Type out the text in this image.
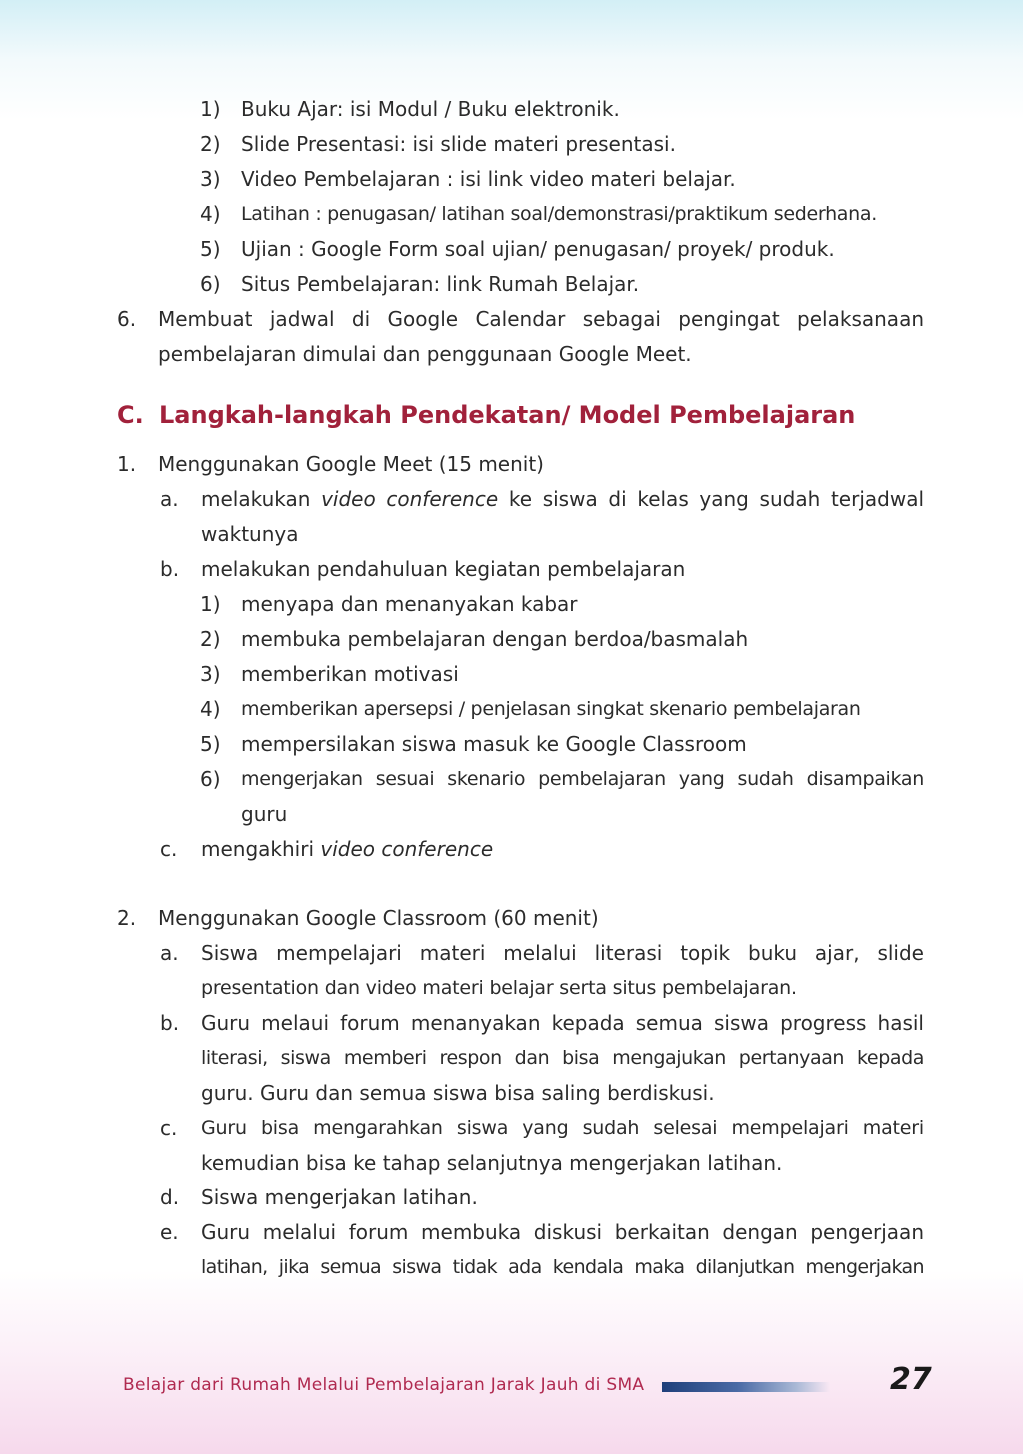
1) Buku Ajar: isi Modul / Buku elektronik.
2) Slide Presentasi: isi slide materi presentasi.
3) Video Pembelajaran : isi link video materi belajar.
4) Latihan : penugasan/ latihan soal/demonstrasi/praktikum sederhana.
5) Ujian : Google Form soal ujian/ penugasan/ proyek/ produk.
6) Situs Pembelajaran: link Rumah Belajar.
6. Membuat jadwal di Google Calendar sebagai pengingat pelaksanaan
pembelajaran dimulai dan penggunaan Google Meet.
C. Langkah-langkah Pendekatan/ Model Pembelajaran
1. Menggunakan Google Meet (15 menit)
a. melakukan video conference ke siswa di kelas yang sudah terjadwal
waktunya
b. melakukan pendahuluan kegiatan pembelajaran
1) menyapa dan menanyakan kabar
2) membuka pembelajaran dengan berdoa/basmalah
3) memberikan motivasi
4) memberikan apersepsi / penjelasan singkat skenario pembelajaran
5) mempersilakan siswa masuk ke Google Classroom
6) mengerjakan sesuai skenario pembelajaran yang sudah disampaikan
guru
c. mengakhiri video conference
2. Menggunakan Google Classroom (60 menit)
a. Siswa mempelajari materi melalui literasi topik buku ajar, slide
presentation dan video materi belajar serta situs pembelajaran.
b. Guru melaui forum menanyakan kepada semua siswa progress hasil
literasi, siswa memberi respon dan bisa mengajukan pertanyaan kepada
guru. Guru dan semua siswa bisa saling berdiskusi.
c. Guru bisa mengarahkan siswa yang sudah selesai mempelajari materi
kemudian bisa ke tahap selanjutnya mengerjakan latihan.
d. Siswa mengerjakan latihan.
e. Guru melalui forum membuka diskusi berkaitan dengan pengerjaan
latihan, jika semua siswa tidak ada kendala maka dilanjutkan mengerjakan
Belajar dari Rumah Melalui Pembelajaran Jarak Jauh di SMA	27
